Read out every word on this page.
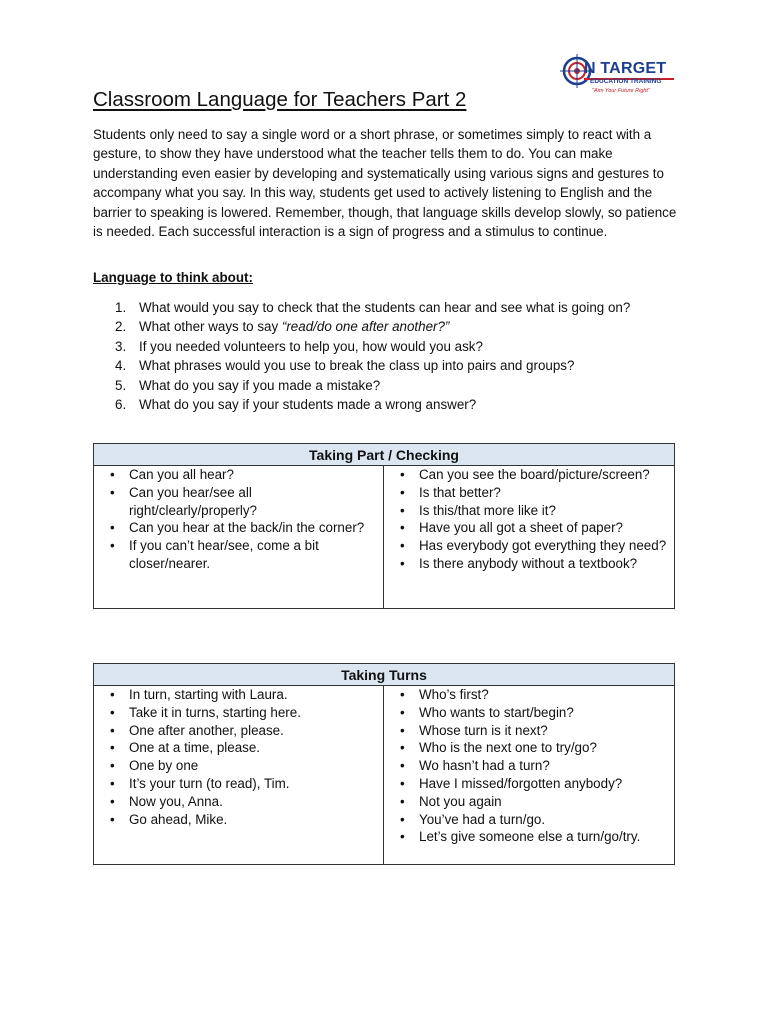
N TARGET
EDUCATION TRAINING
"Aim Your Future Right"
Classroom Language for Teachers Part 2

Students only need to say a single word or a short phrase, or sometimes simply to react with a gesture, to show they have understood what the teacher tells them to do. You can make understanding even easier by developing and systematically using various signs and gestures to accompany what you say. In this way, students get used to actively listening to English and the barrier to speaking is lowered. Remember, though, that language skills develop slowly, so patience is needed. Each successful interaction is a sign of progress and a stimulus to continue.

Language to think about:

1. What would you say to check that the students can hear and see what is going on?
2. What other ways to say “read/do one after another?”
3. If you needed volunteers to help you, how would you ask?
4. What phrases would you use to break the class up into pairs and groups?
5. What do you say if you made a mistake?
6. What do you say if your students made a wrong answer?
Taking Part / Checking

• Can you all hear?
• Can you hear/see all right/clearly/properly?
• Can you hear at the back/in the corner?
• If you can’t hear/see, come a bit closer/nearer.

• Can you see the board/picture/screen?
• Is that better?
• Is this/that more like it?
• Have you all got a sheet of paper?
• Has everybody got everything they need?
• Is there anybody without a textbook?
Taking Turns

• In turn, starting with Laura.
• Take it in turns, starting here.
• One after another, please.
• One at a time, please.
• One by one
• It’s your turn (to read), Tim.
• Now you, Anna.
• Go ahead, Mike.

• Who’s first?
• Who wants to start/begin?
• Whose turn is it next?
• Who is the next one to try/go?
• Wo hasn’t had a turn?
• Have I missed/forgotten anybody?
• Not you again
• You’ve had a turn/go.
• Let’s give someone else a turn/go/try.
